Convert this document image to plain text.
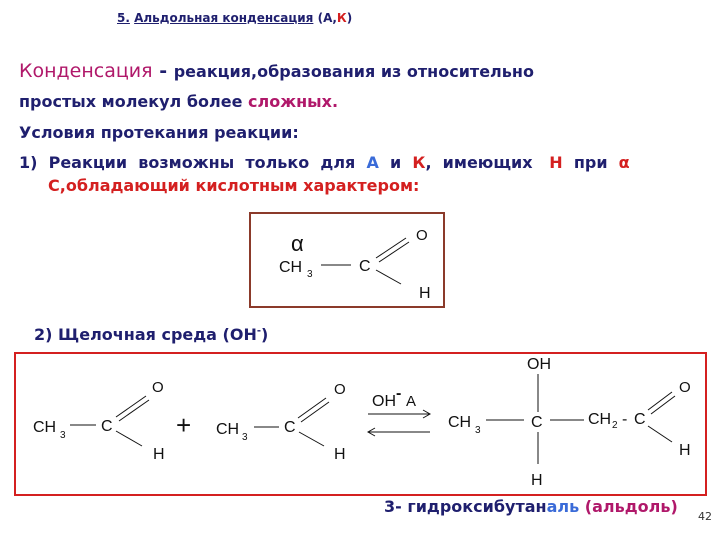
5. Альдольная конденсация (А,К)
Конденсация - реакция,образования из относительно
простых молекул более сложных.
Условия протекания реакции:
1)  Реакции  возможны  только  для  А  и  К,  имеющих   Н  при  α
С,обладающий кислотным характером:
α
CH 3	C
O
H
2) Щелочная среда (OH-)
CH 3
C
O
H
+ CH 3
C
O
H
OH - А
OH
CH 3	C
H
CH 2 - C
O
H
3- гидроксибутаналь (альдоль)
42
